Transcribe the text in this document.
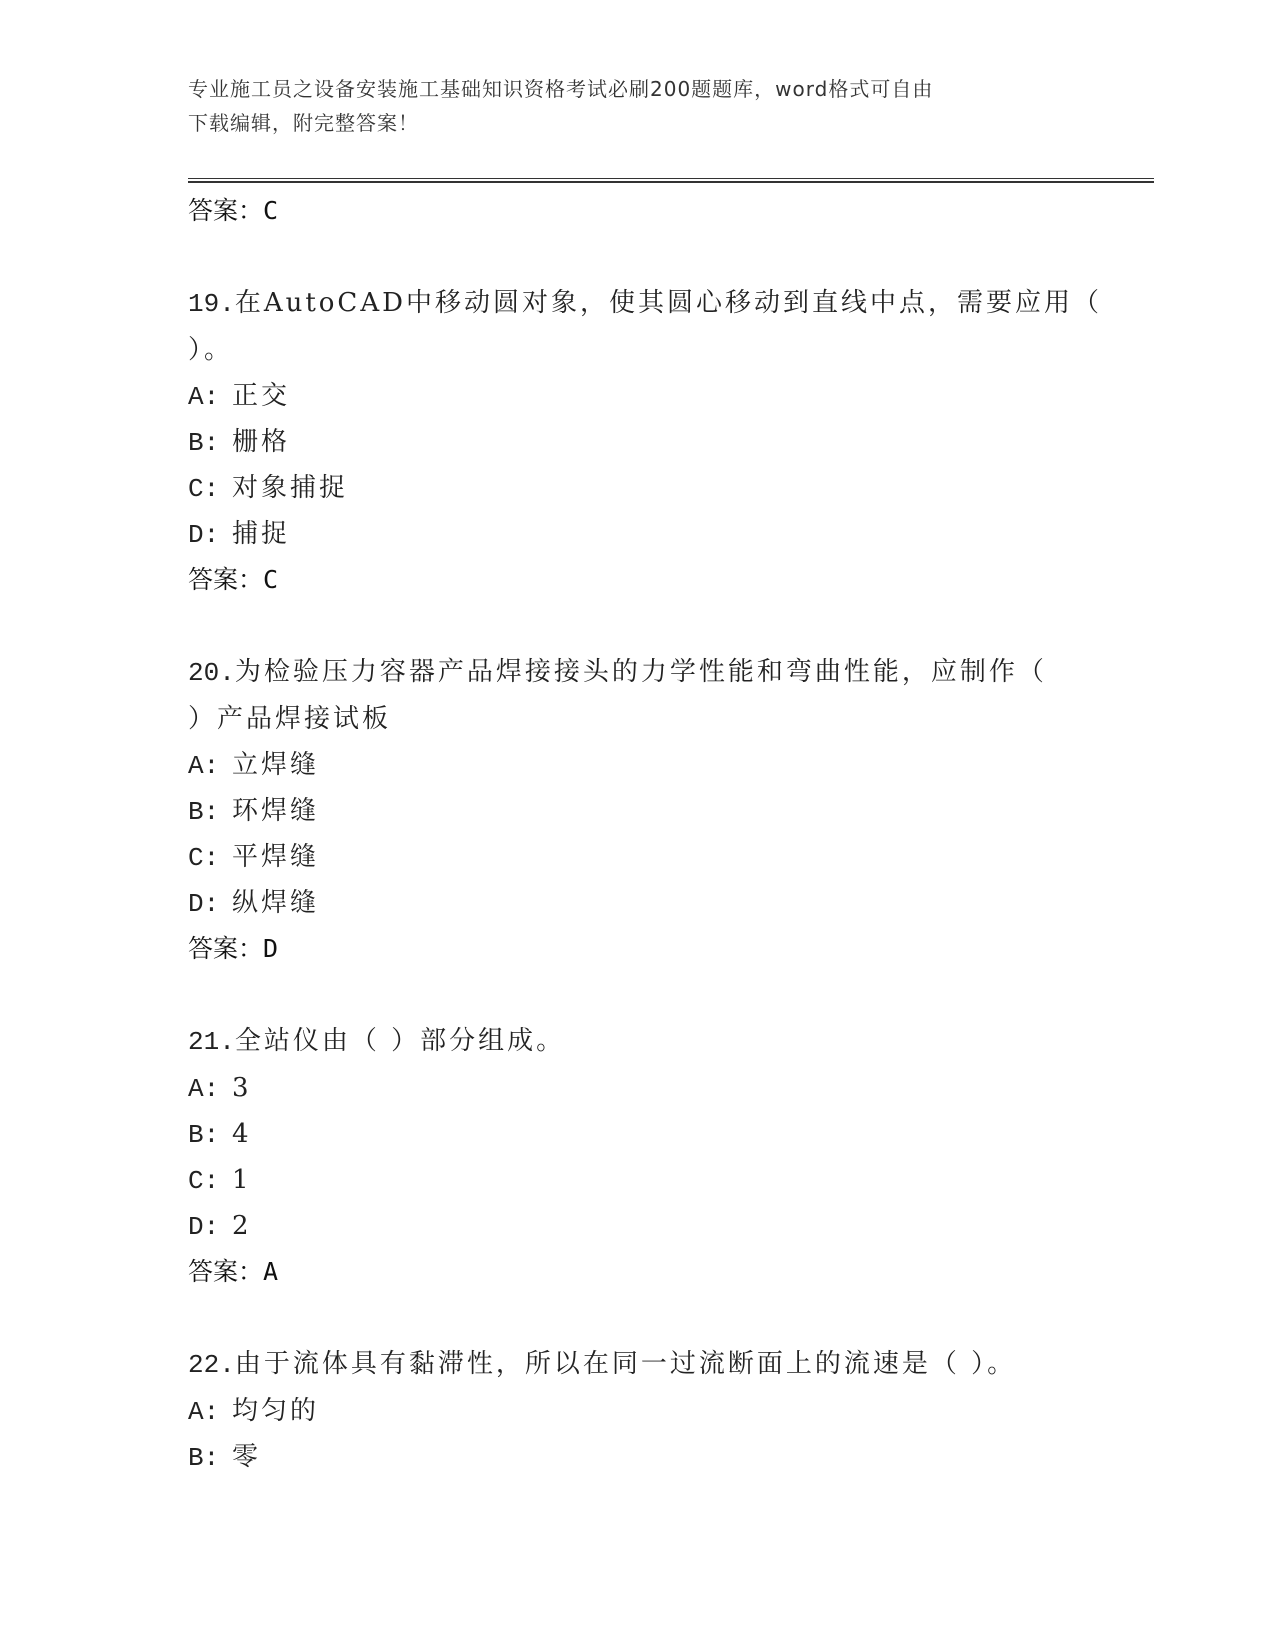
专业施工员之设备安装施工基础知识资格考试必刷200题题库，word格式可自由
下载编辑，附完整答案！
答案：C
19.在AutoCAD中移动圆对象，使其圆心移动到直线中点，需要应用（
）。
A: 正交
B: 栅格
C: 对象捕捉
D: 捕捉
答案：C
20.为检验压力容器产品焊接接头的力学性能和弯曲性能，应制作（
）产品焊接试板
A: 立焊缝
B: 环焊缝
C: 平焊缝
D: 纵焊缝
答案：D
21.全站仪由（ ）部分组成。
A: 3
B: 4
C: 1
D: 2
答案：A
22.由于流体具有黏滞性，所以在同一过流断面上的流速是（ ）。
A: 均匀的
B: 零
